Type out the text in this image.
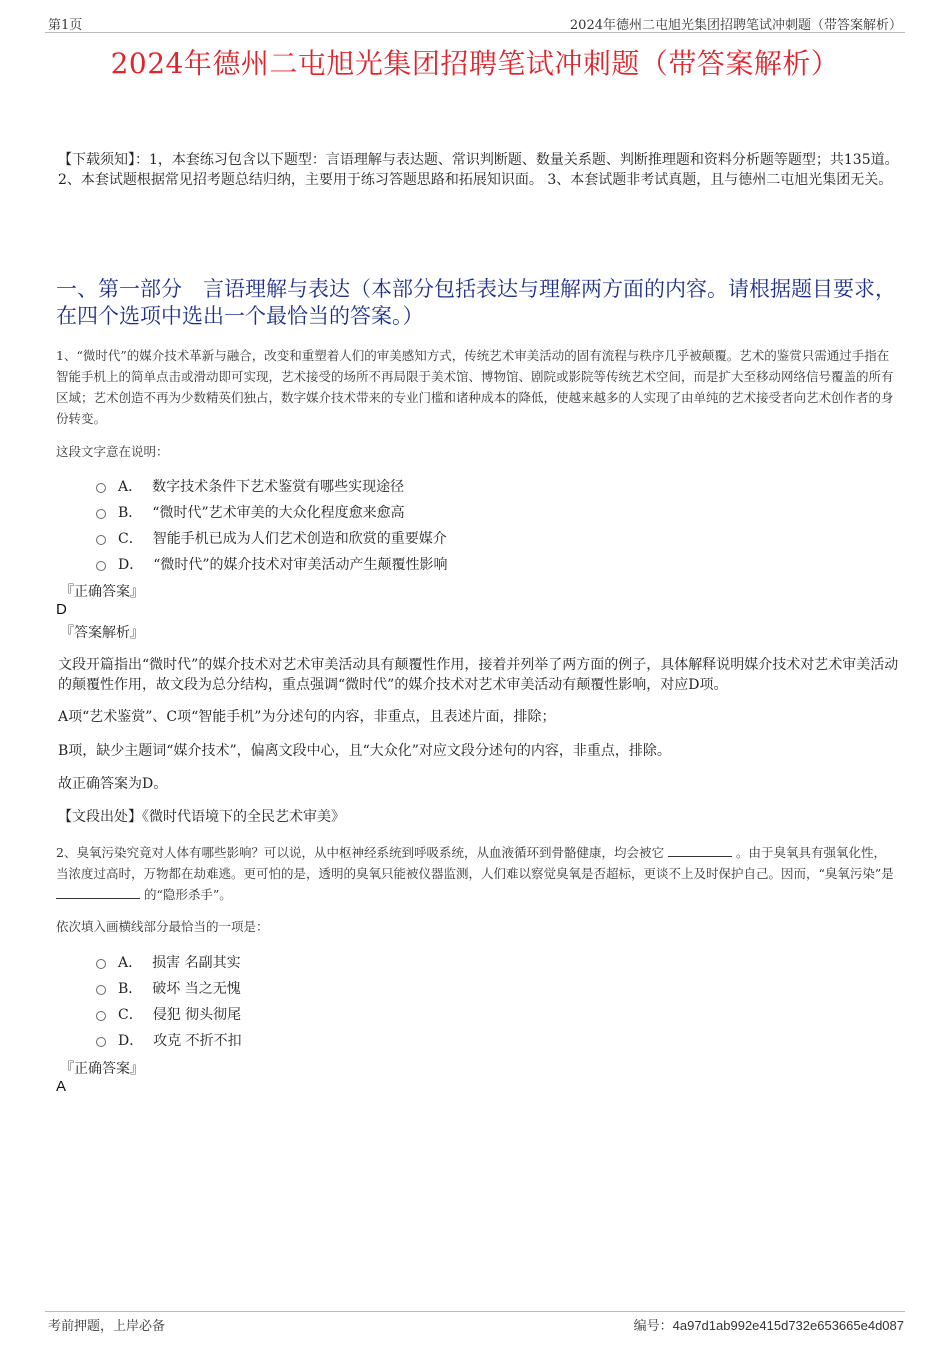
第1页	2024年德州二屯旭光集团招聘笔试冲刺题（带答案解析）
2024年德州二屯旭光集团招聘笔试冲刺题（带答案解析）
【下载须知】：1，本套练习包含以下题型：言语理解与表达题、常识判断题、数量关系题、判断推理题和资料分析题等题型；共135道。 2、本套试题根据常见招考题总结归纳，主要用于练习答题思路和拓展知识面。 3、本套试题非考试真题，且与德州二屯旭光集团无关。
一、第一部分　言语理解与表达（本部分包括表达与理解两方面的内容。请根据题目要求，在四个选项中选出一个最恰当的答案。）
1、“微时代”的媒介技术革新与融合，改变和重塑着人们的审美感知方式，传统艺术审美活动的固有流程与秩序几乎被颠覆。艺术的鉴赏只需通过手指在智能手机上的简单点击或滑动即可实现，艺术接受的场所不再局限于美术馆、博物馆、剧院或影院等传统艺术空间，而是扩大至移动网络信号覆盖的所有区域；艺术创造不再为少数精英们独占，数字媒介技术带来的专业门槛和诸种成本的降低，使越来越多的人实现了由单纯的艺术接受者向艺术创作者的身份转变。
这段文字意在说明：
A． 数字技术条件下艺术鉴赏有哪些实现途径
B． “微时代”艺术审美的大众化程度愈来愈高
C． 智能手机已成为人们艺术创造和欣赏的重要媒介
D． “微时代”的媒介技术对审美活动产生颠覆性影响
『正确答案』
D
『答案解析』
文段开篇指出“微时代”的媒介技术对艺术审美活动具有颠覆性作用，接着并列举了两方面的例子，具体解释说明媒介技术对艺术审美活动的颠覆性作用，故文段为总分结构，重点强调“微时代”的媒介技术对艺术审美活动有颠覆性影响，对应D项。
A项“艺术鉴赏”、C项“智能手机”为分述句的内容，非重点，且表述片面，排除；
B项，缺少主题词“媒介技术”，偏离文段中心，且“大众化”对应文段分述句的内容，非重点，排除。
故正确答案为D。
【文段出处】《微时代语境下的全民艺术审美》
2、臭氧污染究竟对人体有哪些影响？可以说，从中枢神经系统到呼吸系统，从血液循环到骨骼健康，均会被它	。由于臭氧具有强氧化性，当浓度过高时，万物都在劫难逃。更可怕的是，透明的臭氧只能被仪器监测，人们难以察觉臭氧是否超标，更谈不上及时保护自己。因而，“臭氧污染”是  的“隐形杀手”。
依次填入画横线部分最恰当的一项是：
A． 损害 名副其实
B． 破坏 当之无愧
C． 侵犯 彻头彻尾
D． 攻克 不折不扣
『正确答案』
A
考前押题，上岸必备	编号：4a97d1ab992e415d732e653665e4d087
